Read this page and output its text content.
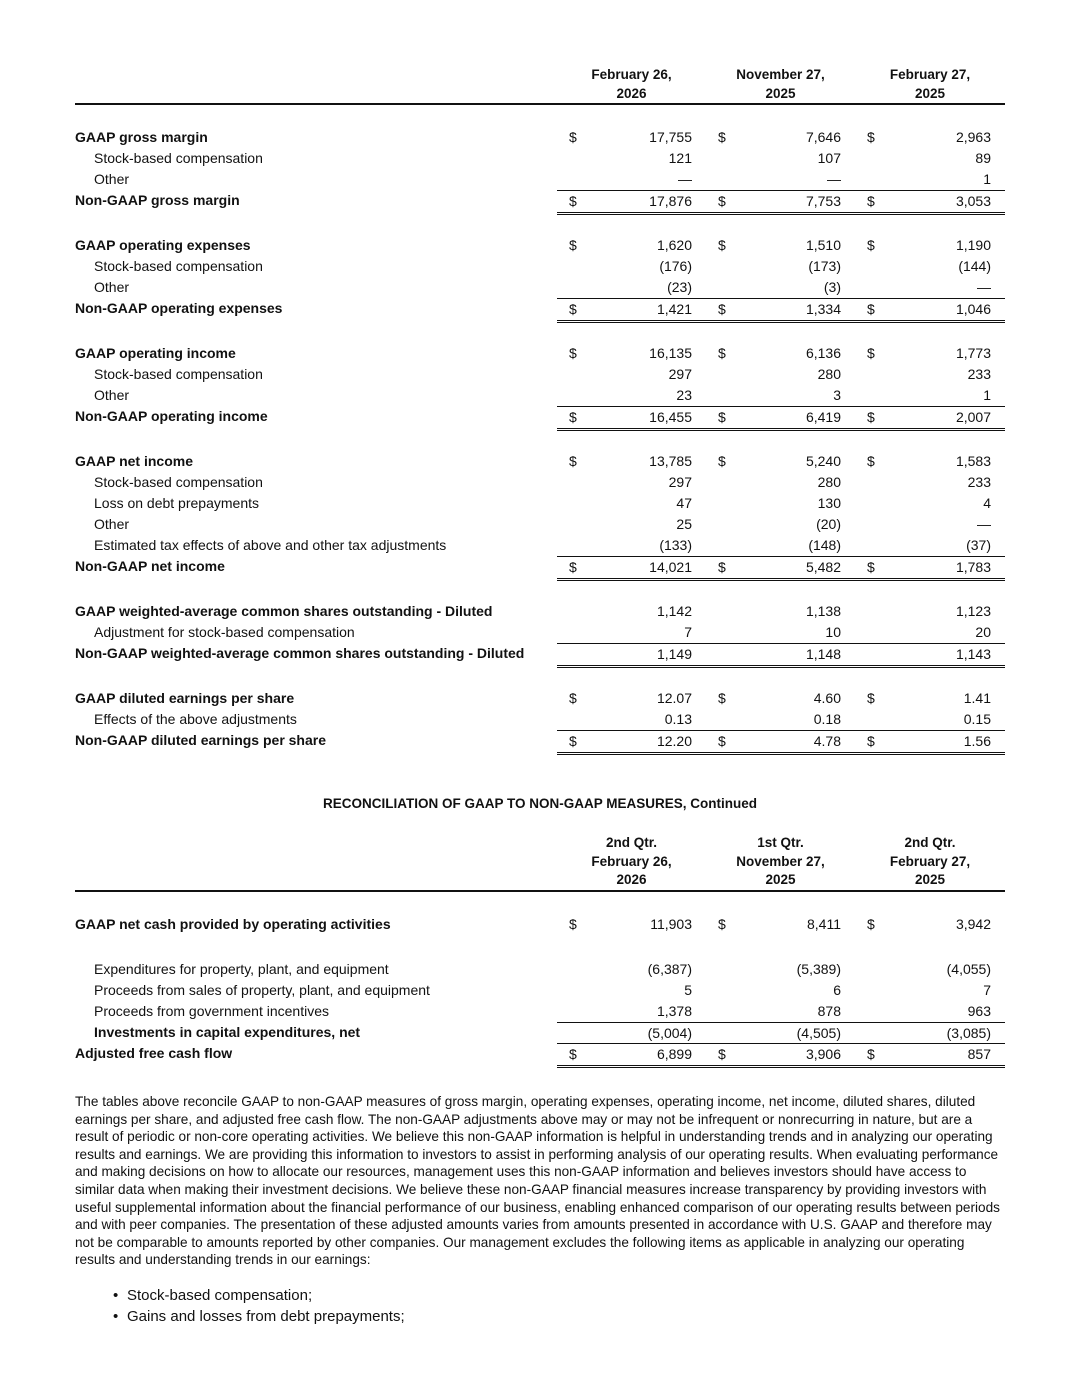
February 26,
2026
November 27,
2025
February 27,
2025
GAAP gross margin	$	17,755 $	7,646 $	2,963
Stock-based compensation	121	107	89
Other	—	—	1
Non-GAAP gross margin	$	17,876 $	7,753 $	3,053
GAAP operating expenses	$	1,620 $	1,510 $	1,190
Stock-based compensation	(176)	(173)	(144)
Other	(23)	(3)	—
Non-GAAP operating expenses	$	1,421 $	1,334 $	1,046
GAAP operating income	$	16,135 $	6,136 $	1,773
Stock-based compensation	297	280	233
Other	23	3	1
Non-GAAP operating income	$	16,455 $	6,419 $	2,007
GAAP net income	$	13,785 $	5,240 $	1,583
Stock-based compensation	297	280	233
Loss on debt prepayments	47	130	4
Other	25	(20)	—
Estimated tax effects of above and other tax adjustments	(133)	(148)	(37)
Non-GAAP net income	$	14,021 $	5,482 $	1,783
GAAP weighted-average common shares outstanding - Diluted	1,142	1,138	1,123
Adjustment for stock-based compensation	7	10	20
Non-GAAP weighted-average common shares outstanding - Diluted	1,149	1,148	1,143
GAAP diluted earnings per share	$	12.07 $	4.60 $	1.41
Effects of the above adjustments	0.13	0.18	0.15
Non-GAAP diluted earnings per share	$	12.20 $	4.78 $	1.56
RECONCILIATION OF GAAP TO NON-GAAP MEASURES, Continued
2nd Qtr.
February 26,
2026
1st Qtr.
November 27,
2025
2nd Qtr.
February 27,
2025
GAAP net cash provided by operating activities	$	11,903 $	8,411 $	3,942
Expenditures for property, plant, and equipment	(6,387)	(5,389)	(4,055)
Proceeds from sales of property, plant, and equipment	5	6	7
Proceeds from government incentives	1,378	878	963
Investments in capital expenditures, net	(5,004)	(4,505)	(3,085)
Adjusted free cash flow	$	6,899 $	3,906 $	857
The tables above reconcile GAAP to non-GAAP measures of gross margin, operating expenses, operating income, net income, diluted shares, diluted earnings per share, and adjusted free cash flow. The non-GAAP adjustments above may or may not be infrequent or nonrecurring in nature, but are a result of periodic or non-core operating activities. We believe this non-GAAP information is helpful in understanding trends and in analyzing our operating results and earnings. We are providing this information to investors to assist in performing analysis of our operating results. When evaluating performance and making decisions on how to allocate our resources, management uses this non-GAAP information and believes investors should have access to similar data when making their investment decisions. We believe these non-GAAP financial measures increase transparency by providing investors with useful supplemental information about the financial performance of our business, enabling enhanced comparison of our operating results between periods and with peer companies. The presentation of these adjusted amounts varies from amounts presented in accordance with U.S. GAAP and therefore may not be comparable to amounts reported by other companies. Our management excludes the following items as applicable in analyzing our operating results and understanding trends in our earnings:
• Stock-based compensation;
• Gains and losses from debt prepayments;
